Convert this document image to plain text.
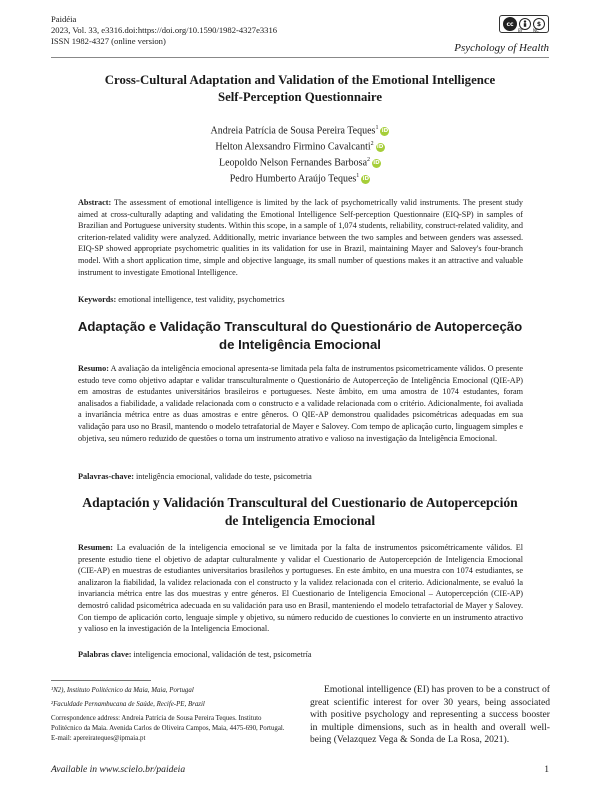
Paidéia
2023, Vol. 33, e3316.doi:https://doi.org/10.1590/1982-4327e3316
ISSN 1982-4327 (online version)
cc	$
BY	NC
Psychology of Health
Cross-Cultural Adaptation and Validation of the Emotional Intelligence
Self-Perception Questionnaire
Andreia Patrícia de Sousa Pereira Teques$^1$ iD
Helton Alexsandro Firmino Cavalcanti$^2$ iD
Leopoldo Nelson Fernandes Barbosa$^2$ iD
Pedro Humberto Araújo Teques$^1$ iD
Abstract: The assessment of emotional intelligence is limited by the lack of psychometrically valid instruments. The present study aimed at cross-culturally adapting and validating the Emotional Intelligence Self-perception Questionnaire (EIQ-SP) in samples of Brazilian and Portuguese university students. Within this scope, in a sample of 1,074 students, reliability, construct-related validity, and criterion-related validity were analyzed. Additionally, metric invariance between the two samples and between genders was assessed. EIQ-SP showed appropriate psychometric qualities in its validation for use in Brazil, maintaining Mayer and Salovey's four-branch model. With a short application time, simple and objective language, its small number of questions makes it an attractive and valuable instrument to investigate Emotional Intelligence.
Keywords: emotional intelligence, test validity, psychometrics
Adaptação e Validação Transcultural do Questionário de Autoperceção
de Inteligência Emocional
Resumo: A avaliação da inteligência emocional apresenta-se limitada pela falta de instrumentos psicometricamente válidos. O presente estudo teve como objetivo adaptar e validar transculturalmente o Questionário de Autoperceção de Inteligência Emocional (QIE-AP) em amostras de estudantes universitários brasileiros e portugueses. Neste âmbito, em uma amostra de 1074 estudantes, foram analisados a fiabilidade, a validade relacionada com o constructo e a validade relacionada com o critério. Adicionalmente, foi avaliada a invariância métrica entre as duas amostras e entre gêneros. O QIE-AP demonstrou qualidades psicométricas adequadas em sua validação para uso no Brasil, mantendo o modelo tetrafatorial de Mayer e Salovey. Com tempo de aplicação curto, linguagem simples e objetiva, seu número reduzido de questões o torna um instrumento atrativo e valioso na investigação da Inteligência Emocional.
Palavras-chave: inteligência emocional, validade do teste, psicometria
Adaptación y Validación Transcultural del Cuestionario de Autopercepción
de Inteligencia Emocional
Resumen: La evaluación de la inteligencia emocional se ve limitada por la falta de instrumentos psicométricamente válidos. El presente estudio tiene el objetivo de adaptar culturalmente y validar el Cuestionario de Autopercepción de Inteligencia Emocional (CIE-AP) en muestras de estudiantes universitarios brasileños y portugueses. En este ámbito, en una muestra con 1074 estudiantes, se analizaron la fiabilidad, la validez relacionada con el constructo y la validez relacionada con el criterio. Adicionalmente, se evaluó la invariancia métrica entre las dos muestras y entre géneros. El Cuestionario de Inteligencia Emocional – Autopercepción (CIE-AP) demostró calidad psicométrica adecuada en su validación para uso en Brasil, manteniendo el modelo tetrafactorial de Mayer y Salovey. Con tiempo de aplicación corto, lenguaje simple y objetivo, su número reducido de cuestiones lo convierte en un instrumento atractivo y valioso en la investigación de la Inteligencia Emocional.
Palabras clave: inteligencia emocional, validación de test, psicometría
¹N2), Instituto Politécnico da Maia, Maia, Portugal
²Faculdade Pernambucana de Saúde, Recife-PE, Brazil
Correspondence address: Andreia Patrícia de Sousa Pereira Teques. Instituto Politécnico da Maia. Avenida Carlos de Oliveira Campos, Maia, 4475-690, Portugal. E-mail: apereirateques@ipmaia.pt
Emotional intelligence (EI) has proven to be a construct of great scientific interest for over 30 years, being associated with positive psychology and representing a success booster in multiple dimensions, such as in health and overall well-being (Velazquez Vega & Sonda de La Rosa, 2021).
Available in www.scielo.br/paideia	1
